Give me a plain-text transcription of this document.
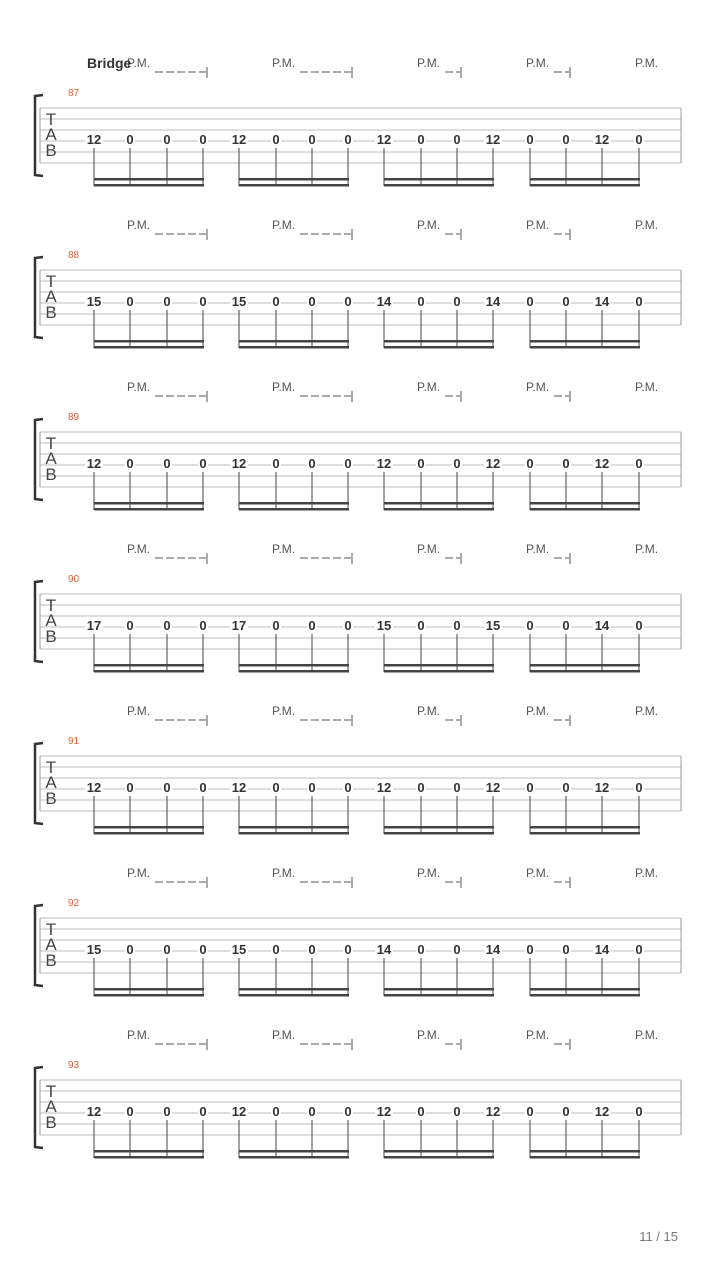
P.M.	P.M.	P.M.	P.M.	P.M.
87
T
A
B
12 0 0 0 12 0 0 0 12 0 0 12 0 0 12 0
P.M.	P.M.	P.M.	P.M.	P.M.
88
T
A
B
15 0 0 0 15 0 0 0 14 0 0 14 0 0 14 0
P.M.	P.M.	P.M.	P.M.	P.M.
89
T
A
B
12 0 0 0 12 0 0 0 12 0 0 12 0 0 12 0
P.M.	P.M.	P.M.	P.M.	P.M.
90
T
A
B
17 0 0 0 17 0 0 0 15 0 0 15 0 0 14 0
P.M.	P.M.	P.M.	P.M.	P.M.
91
T
A
B
12 0 0 0 12 0 0 0 12 0 0 12 0 0 12 0
P.M.	P.M.	P.M.	P.M.	P.M.
92
T
A
B
15 0 0 0 15 0 0 0 14 0 0 14 0 0 14 0
P.M.	P.M.	P.M.	P.M.	P.M.
93
T
A
B
12 0 0 0 12 0 0 0 12 0 0 12 0 0 12 0
Bridge
11 / 15
